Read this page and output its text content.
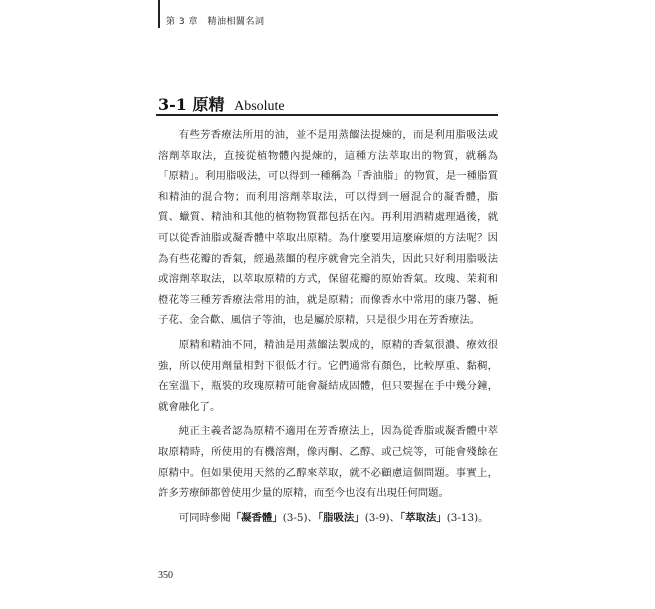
第 3 章　精油相關名詞
3-1 原精 Absolute

有些芳香療法所用的油，並不是用蒸餾法提煉的，而是利用脂吸法或溶劑萃取法，直接從植物體內提煉的，這種方法萃取出的物質，就稱為「原精」。利用脂吸法，可以得到一種稱為「香油脂」的物質，是一種脂質和精油的混合物；而利用溶劑萃取法，可以得到一層混合的凝香體，脂質、蠟質、精油和其他的植物物質都包括在內。再利用酒精處理過後，就可以從香油脂或凝香體中萃取出原精。為什麼要用這麼麻煩的方法呢？因為有些花瓣的香氣，經過蒸餾的程序就會完全消失，因此只好利用脂吸法或溶劑萃取法，以萃取原精的方式，保留花瓣的原始香氣。玫瑰、茉莉和橙花等三種芳香療法常用的油，就是原精；而像香水中常用的康乃馨、梔子花、金合歡、風信子等油，也是屬於原精，只是很少用在芳香療法。

原精和精油不同，精油是用蒸餾法製成的，原精的香氣很濃、療效很強，所以使用劑量相對下很低才行。它們通常有顏色，比較厚重、黏稠，在室溫下，瓶裝的玫瑰原精可能會凝結成固體，但只要握在手中幾分鐘，就會融化了。

純正主義者認為原精不適用在芳香療法上，因為從香脂或凝香體中萃取原精時，所使用的有機溶劑，像丙酮、乙醇、或己烷等，可能會殘餘在原精中。但如果使用天然的乙醇來萃取，就不必顧慮這個問題。事實上，許多芳療師都曾使用少量的原精，而至今也沒有出現任何問題。

可同時參閱「凝香體」(3-5)、「脂吸法」(3-9)、「萃取法」(3-13)。

350
